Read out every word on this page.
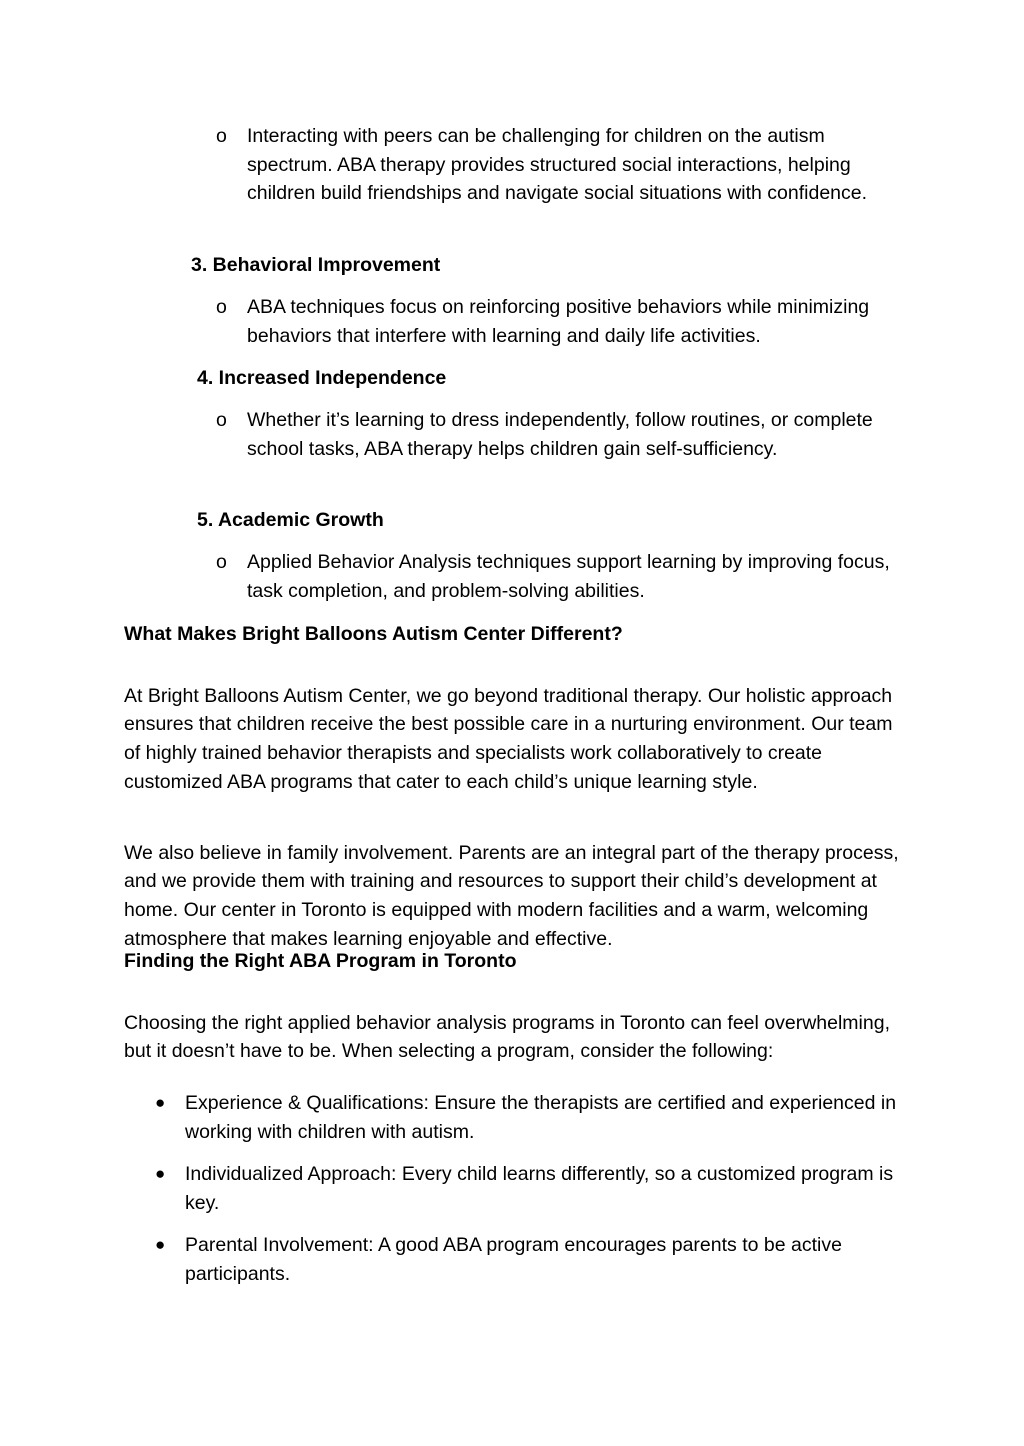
o Interacting with peers can be challenging for children on the autism spectrum. ABA therapy provides structured social interactions, helping children build friendships and navigate social situations with confidence.
3. Behavioral Improvement
o ABA techniques focus on reinforcing positive behaviors while minimizing behaviors that interfere with learning and daily life activities.
4. Increased Independence
o Whether it’s learning to dress independently, follow routines, or complete school tasks, ABA therapy helps children gain self-sufficiency.
5. Academic Growth
o Applied Behavior Analysis techniques support learning by improving focus, task completion, and problem-solving abilities.
What Makes Bright Balloons Autism Center Different?

At Bright Balloons Autism Center, we go beyond traditional therapy. Our holistic approach ensures that children receive the best possible care in a nurturing environment. Our team of highly trained behavior therapists and specialists work collaboratively to create customized ABA programs that cater to each child’s unique learning style.

We also believe in family involvement. Parents are an integral part of the therapy process, and we provide them with training and resources to support their child’s development at home. Our center in Toronto is equipped with modern facilities and a warm, welcoming atmosphere that makes learning enjoyable and effective.

Finding the Right ABA Program in Toronto

Choosing the right applied behavior analysis programs in Toronto can feel overwhelming, but it doesn’t have to be. When selecting a program, consider the following:

● Experience & Qualifications: Ensure the therapists are certified and experienced in working with children with autism.
● Individualized Approach: Every child learns differently, so a customized program is key.
● Parental Involvement: A good ABA program encourages parents to be active participants.
